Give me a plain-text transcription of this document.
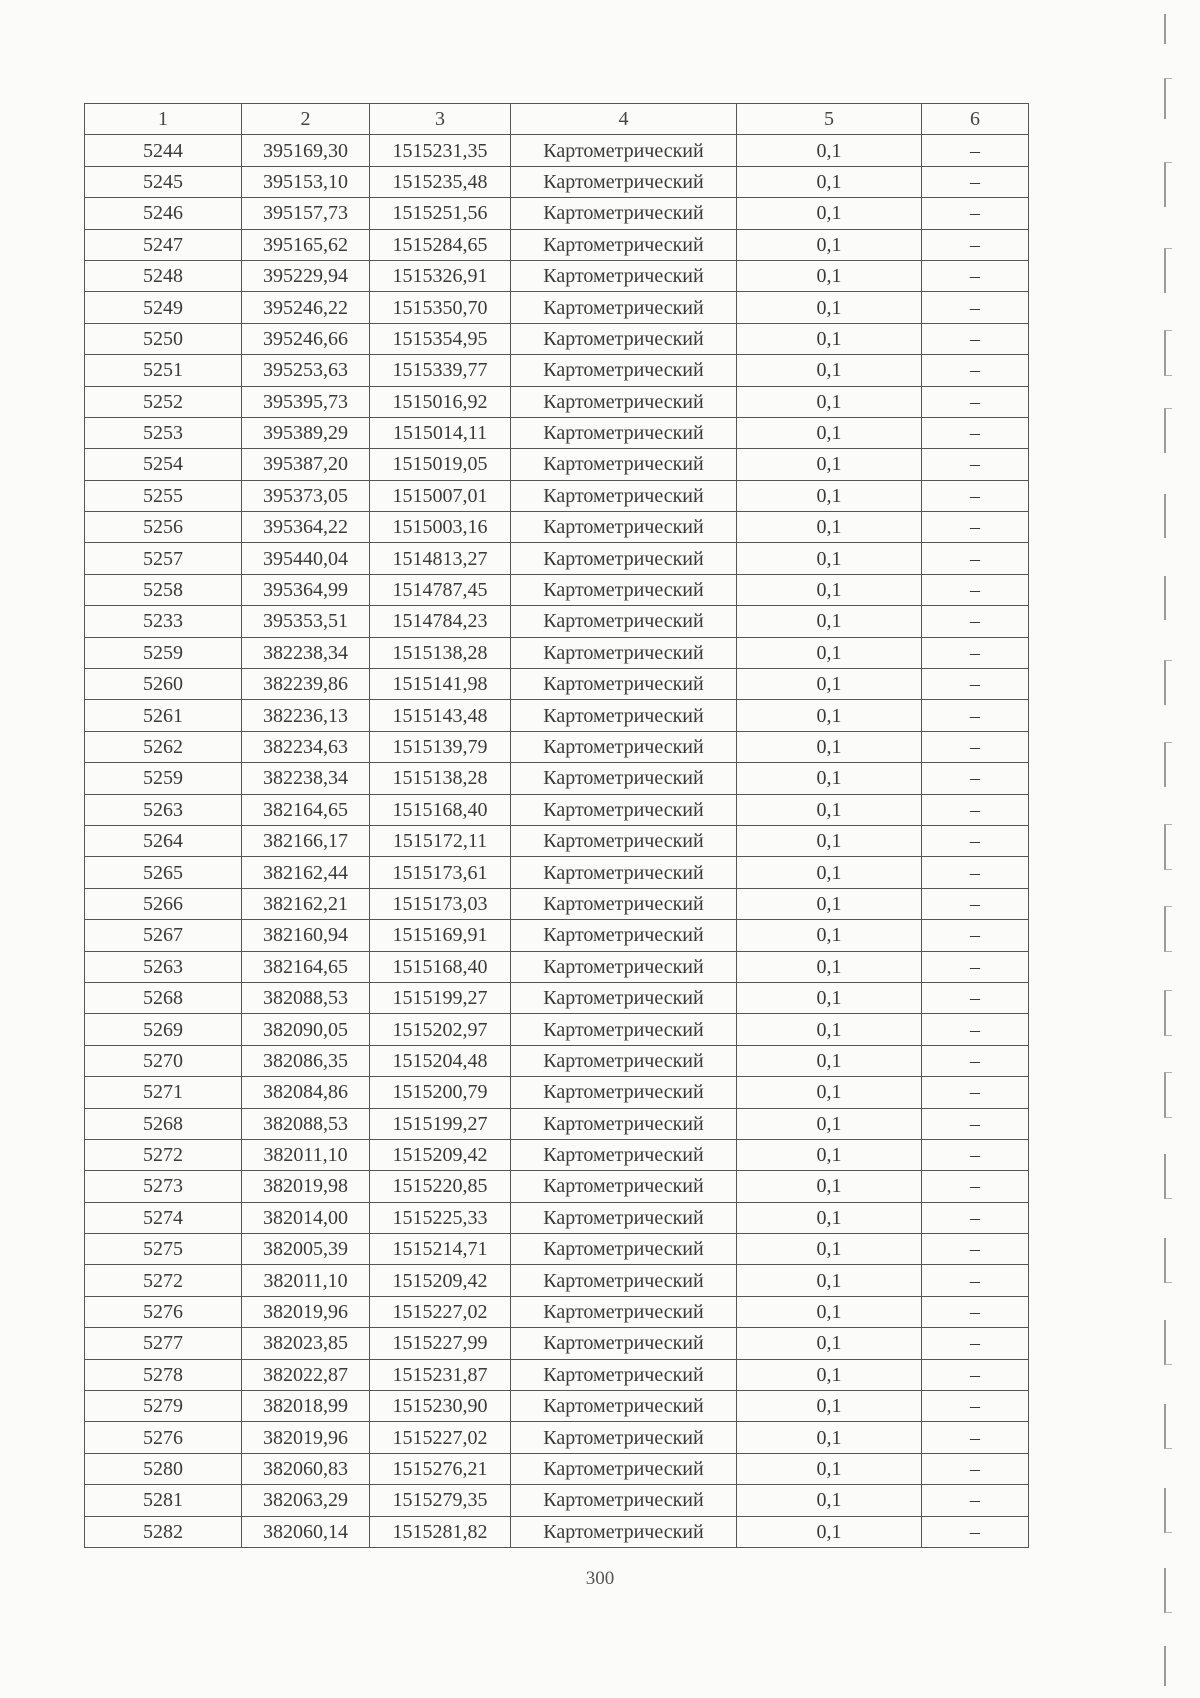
1	2	3	4	5	6
5244	395169,30	1515231,35	Картометрический	0,1	–
5245	395153,10	1515235,48	Картометрический	0,1	–
5246	395157,73	1515251,56	Картометрический	0,1	–
5247	395165,62	1515284,65	Картометрический	0,1	–
5248	395229,94	1515326,91	Картометрический	0,1	–
5249	395246,22	1515350,70	Картометрический	0,1	–
5250	395246,66	1515354,95	Картометрический	0,1	–
5251	395253,63	1515339,77	Картометрический	0,1	–
5252	395395,73	1515016,92	Картометрический	0,1	–
5253	395389,29	1515014,11	Картометрический	0,1	–
5254	395387,20	1515019,05	Картометрический	0,1	–
5255	395373,05	1515007,01	Картометрический	0,1	–
5256	395364,22	1515003,16	Картометрический	0,1	–
5257	395440,04	1514813,27	Картометрический	0,1	–
5258	395364,99	1514787,45	Картометрический	0,1	–
5233	395353,51	1514784,23	Картометрический	0,1	–
5259	382238,34	1515138,28	Картометрический	0,1	–
5260	382239,86	1515141,98	Картометрический	0,1	–
5261	382236,13	1515143,48	Картометрический	0,1	–
5262	382234,63	1515139,79	Картометрический	0,1	–
5259	382238,34	1515138,28	Картометрический	0,1	–
5263	382164,65	1515168,40	Картометрический	0,1	–
5264	382166,17	1515172,11	Картометрический	0,1	–
5265	382162,44	1515173,61	Картометрический	0,1	–
5266	382162,21	1515173,03	Картометрический	0,1	–
5267	382160,94	1515169,91	Картометрический	0,1	–
5263	382164,65	1515168,40	Картометрический	0,1	–
5268	382088,53	1515199,27	Картометрический	0,1	–
5269	382090,05	1515202,97	Картометрический	0,1	–
5270	382086,35	1515204,48	Картометрический	0,1	–
5271	382084,86	1515200,79	Картометрический	0,1	–
5268	382088,53	1515199,27	Картометрический	0,1	–
5272	382011,10	1515209,42	Картометрический	0,1	–
5273	382019,98	1515220,85	Картометрический	0,1	–
5274	382014,00	1515225,33	Картометрический	0,1	–
5275	382005,39	1515214,71	Картометрический	0,1	–
5272	382011,10	1515209,42	Картометрический	0,1	–
5276	382019,96	1515227,02	Картометрический	0,1	–
5277	382023,85	1515227,99	Картометрический	0,1	–
5278	382022,87	1515231,87	Картометрический	0,1	–
5279	382018,99	1515230,90	Картометрический	0,1	–
5276	382019,96	1515227,02	Картометрический	0,1	–
5280	382060,83	1515276,21	Картометрический	0,1	–
5281	382063,29	1515279,35	Картометрический	0,1	–
5282	382060,14	1515281,82	Картометрический	0,1	–
300
